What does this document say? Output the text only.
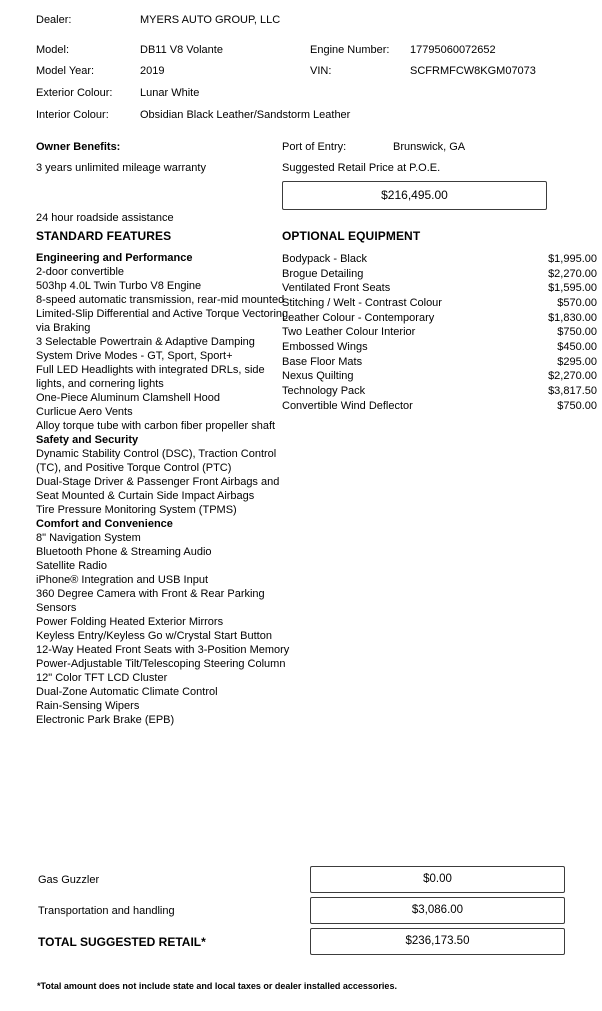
Dealer:	MYERS AUTO GROUP, LLC
Model:	DB11 V8 Volante	Engine Number: 17795060072652
Model Year:	2019	VIN:	SCFRMFCW8KGM07073
Exterior Colour:	Lunar White
Interior Colour:	Obsidian Black Leather/Sandstorm Leather
Owner Benefits:
3 years unlimited mileage warranty
24 hour roadside assistance
Port of Entry:	Brunswick, GA
Suggested Retail Price at P.O.E.
$216,495.00
STANDARD FEATURES	OPTIONAL EQUIPMENT
Engineering and Performance
2-door convertible
503hp 4.0L Twin Turbo V8 Engine
8-speed automatic transmission, rear-mid mounted
Limited-Slip Differential and Active Torque Vectoring via Braking
3 Selectable Powertrain & Adaptive Damping System Drive Modes - GT, Sport, Sport+
Full LED Headlights with integrated DRLs, side lights, and cornering lights
One-Piece Aluminum Clamshell Hood
Curlicue Aero Vents
Alloy torque tube with carbon fiber propeller shaft
Safety and Security
Dynamic Stability Control (DSC), Traction Control (TC), and Positive Torque Control (PTC)
Dual-Stage Driver & Passenger Front Airbags and Seat Mounted & Curtain Side Impact Airbags
Tire Pressure Monitoring System (TPMS)
Comfort and Convenience
8" Navigation System
Bluetooth Phone & Streaming Audio
Satellite Radio
iPhone® Integration and USB Input
360 Degree Camera with Front & Rear Parking Sensors
Power Folding Heated Exterior Mirrors
Keyless Entry/Keyless Go w/Crystal Start Button
12-Way Heated Front Seats with 3-Position Memory
Power-Adjustable Tilt/Telescoping Steering Column
12" Color TFT LCD Cluster
Dual-Zone Automatic Climate Control
Rain-Sensing Wipers
Electronic Park Brake (EPB)
Bodypack - Black	$1,995.00
Brogue Detailing	$2,270.00
Ventilated Front Seats	$1,595.00
Stitching / Welt - Contrast Colour	$570.00
Leather Colour - Contemporary	$1,830.00
Two Leather Colour Interior	$750.00
Embossed Wings	$450.00
Base Floor Mats	$295.00
Nexus Quilting	$2,270.00
Technology Pack	$3,817.50
Convertible Wind Deflector	$750.00
Gas Guzzler	$0.00
Transportation and handling	$3,086.00
TOTAL SUGGESTED RETAIL*	$236,173.50
*Total amount does not include state and local taxes or dealer installed accessories.
